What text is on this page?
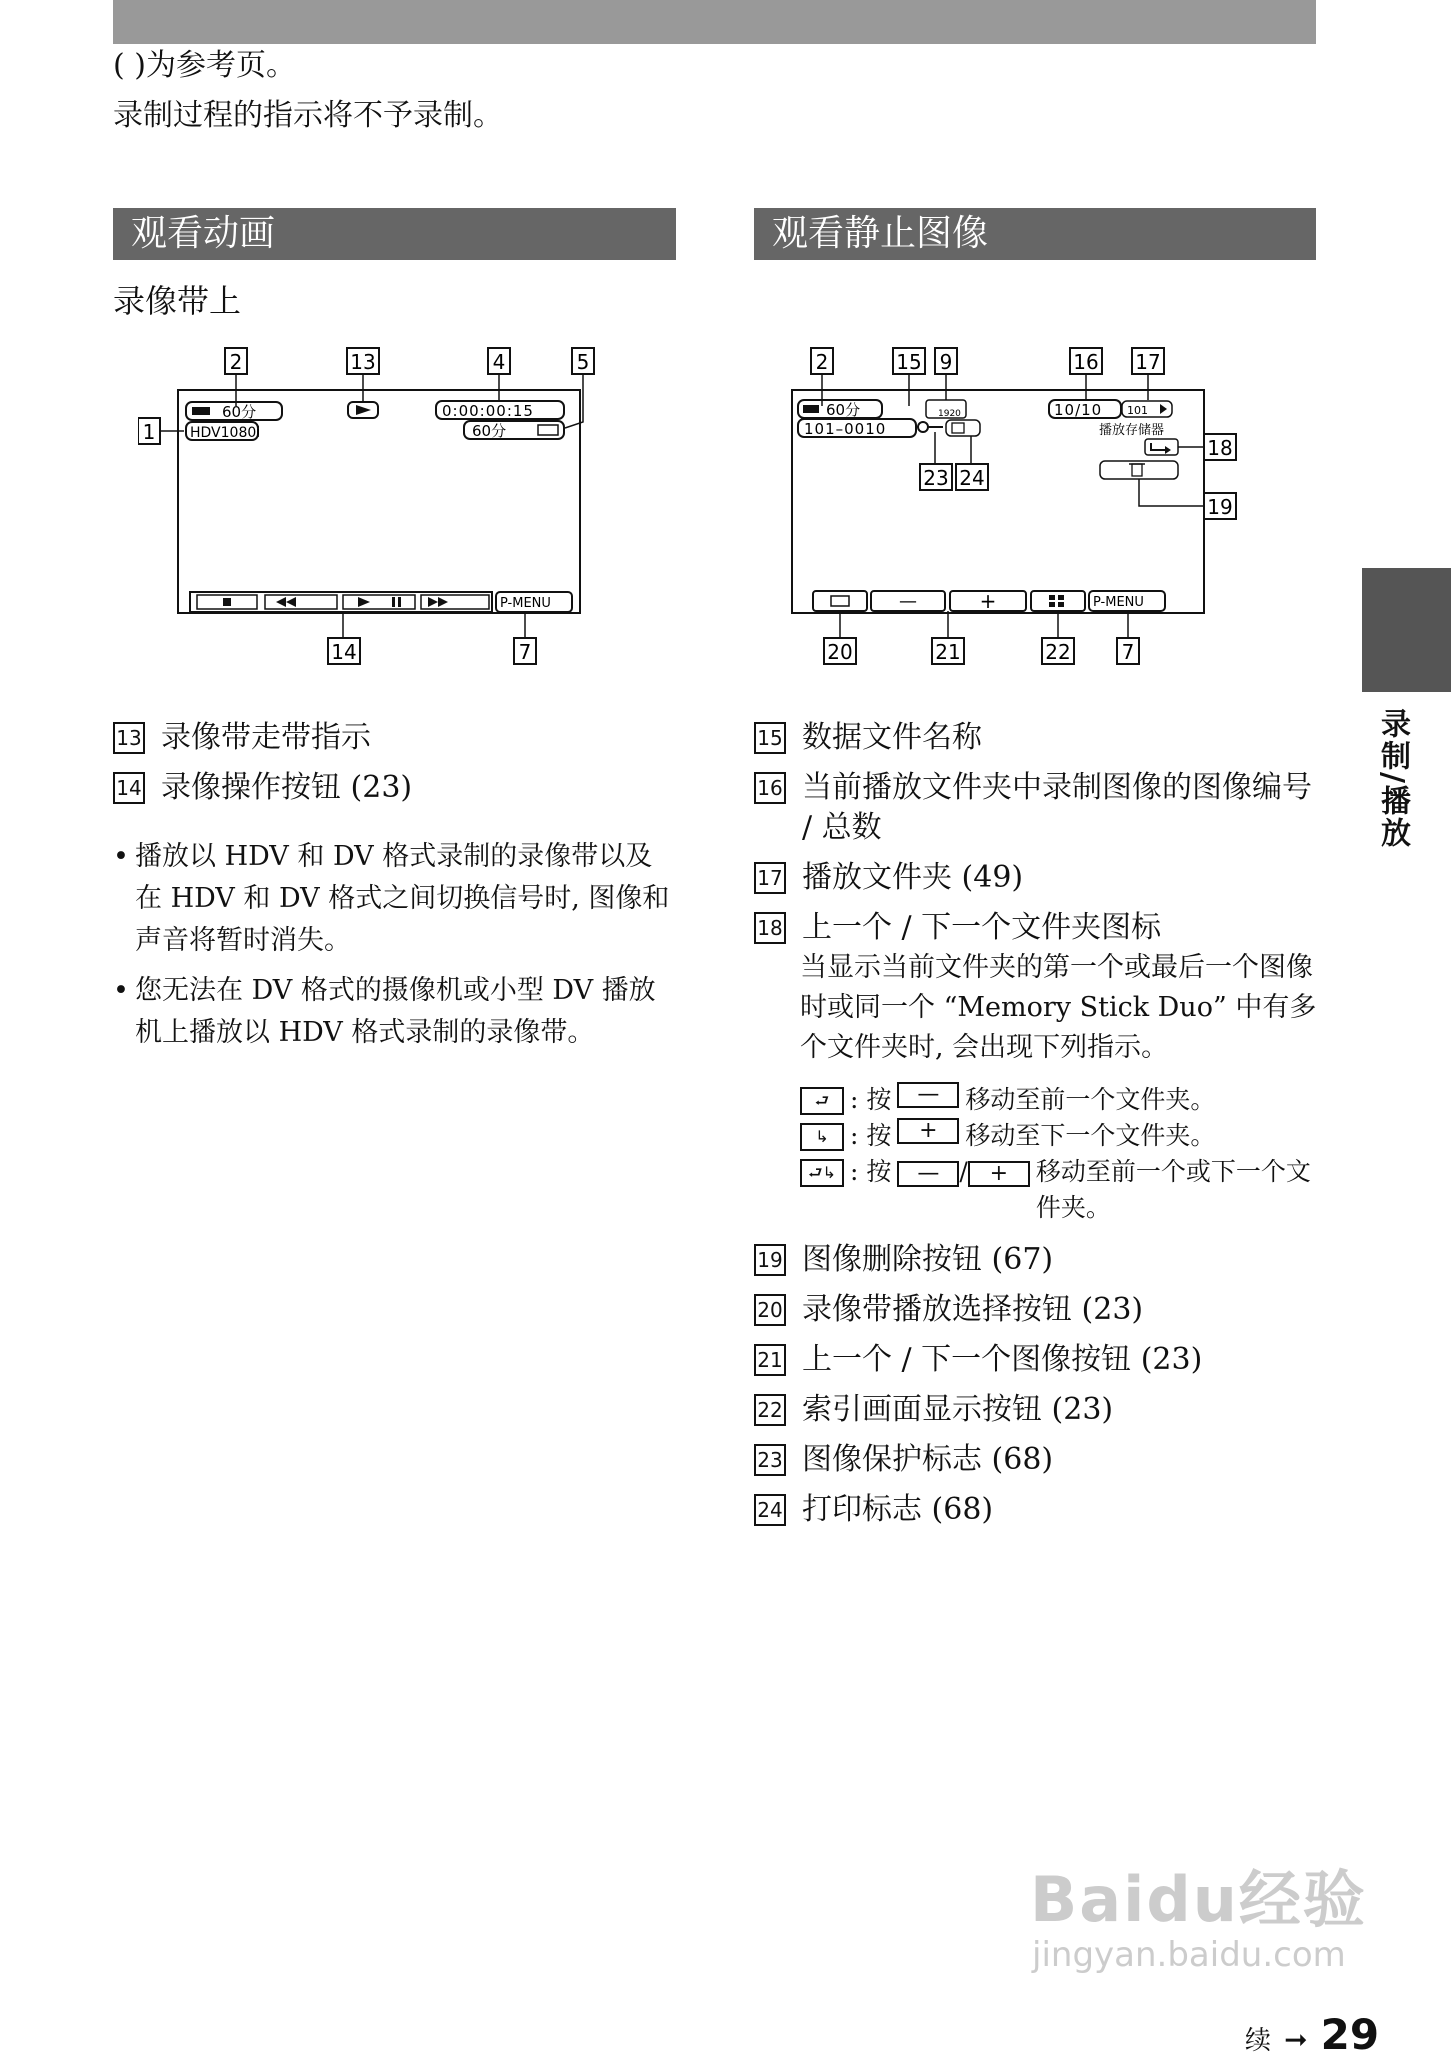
( )为参考页。
录制过程的指示将不予录制。
观看动画
录像带上
2	13	4	5
1
60分
HDV1080i
0:00:00:15
60分
P-MENU
14	7
13 录像带走带指示
14 录像操作按钮 (23)
• 播放以 HDV 和 DV 格式录制的录像带以及在 HDV 和 DV 格式之间切换信号时, 图像和声音将暂时消失。
• 您无法在 DV 格式的摄像机或小型 DV 播放机上播放以 HDV 格式录制的录像带。
观看静止图像
2	15 9	16 17
60分
101–0010
1920	10/10 101
播放存储器
18
19
23 24
—	+	P-MENU
20	21	22	7
15 数据文件名称
16 当前播放文件夹中录制图像的图像编号 / 总数
17 播放文件夹 (49)
18 上一个 / 下一个文件夹图标
当显示当前文件夹的第一个或最后一个图像时或同一个 “Memory Stick Duo” 中有多个文件夹时, 会出现下列指示。
⮐ : 按	—	移动至前一个文件夹。
↳ : 按	+	移动至下一个文件夹。
⮐↳ : 按	— / +	移动至前一个或下一个文件夹。
19 图像删除按钮 (67)
20 录像带播放选择按钮 (23)
21 上一个 / 下一个图像按钮 (23)
22 索引画面显示按钮 (23)
23 图像保护标志 (68)
24 打印标志 (68)
录制/播放
Baidu经验
jingyan.baidu.com
续 ➞ 29
